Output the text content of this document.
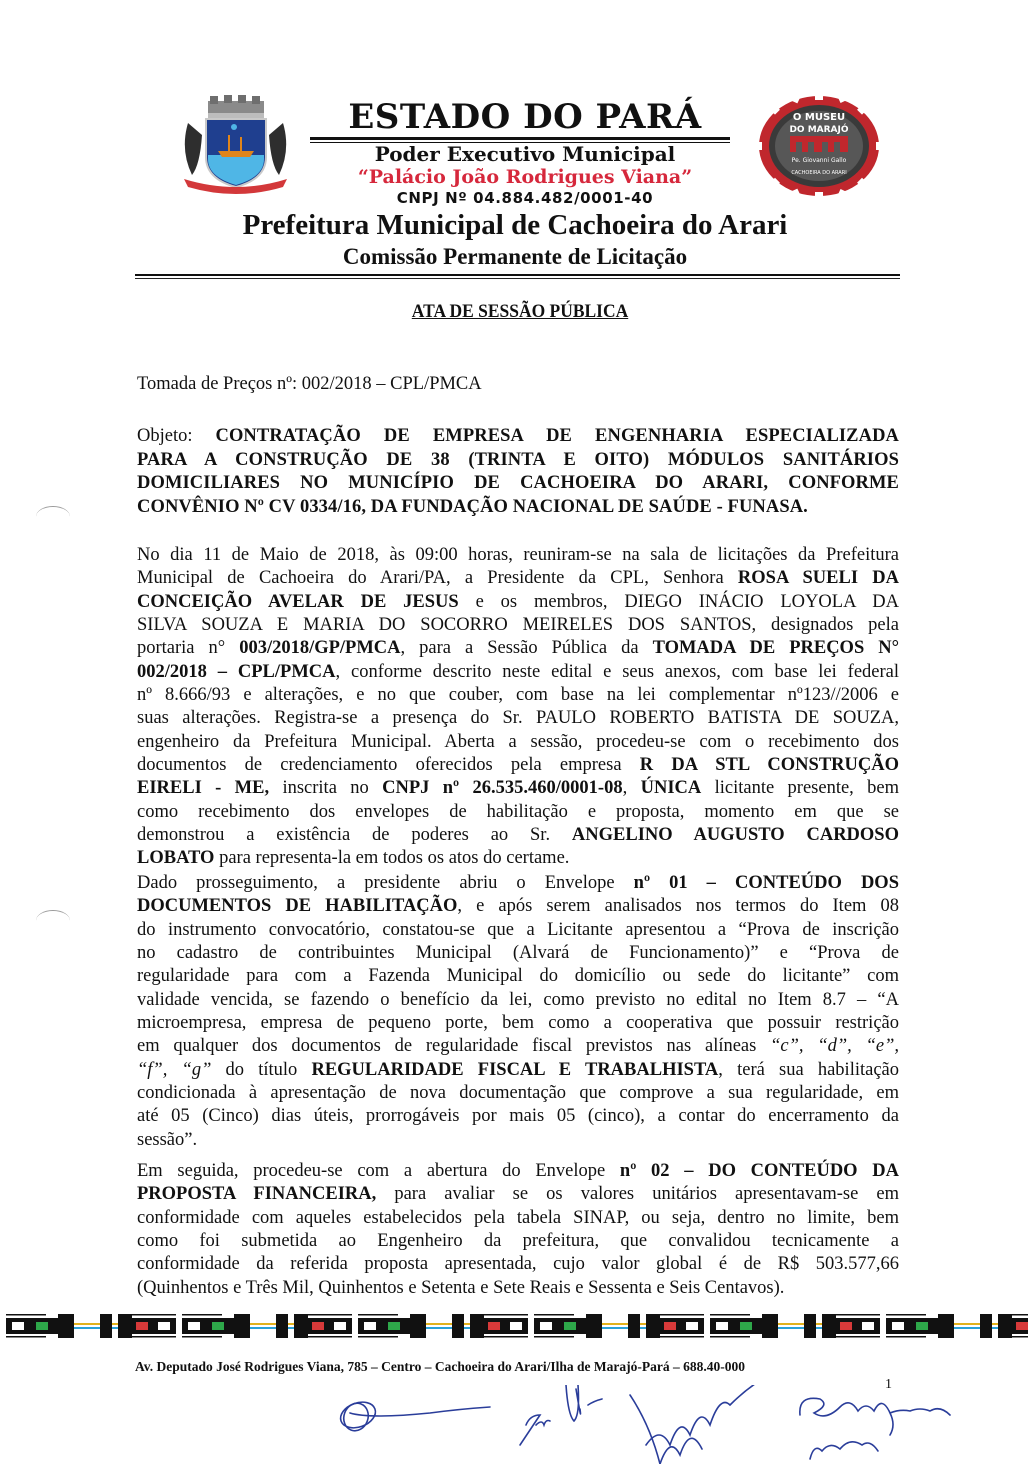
ESTADO DO PARÁ
Poder Executivo Municipal
“Palácio João Rodrigues Viana”
CNPJ Nº 04.884.482/0001-40
O MUSEU
DO MARAJÓ
Pe. Giovanni Gallo
CACHOEIRA DO ARARI
Prefeitura Municipal de Cachoeira do Arari
Comissão Permanente de Licitação
ATA DE SESSÃO PÚBLICA
Tomada de Preços nº: 002/2018 – CPL/PMCA
Objeto: CONTRATAÇÃO DE EMPRESA DE ENGENHARIA ESPECIALIZADA
PARA A CONSTRUÇÃO DE 38 (TRINTA E OITO) MÓDULOS SANITÁRIOS
DOMICILIARES NO MUNICÍPIO DE CACHOEIRA DO ARARI, CONFORME
CONVÊNIO Nº CV 0334/16, DA FUNDAÇÃO NACIONAL DE SAÚDE - FUNASA.
No dia 11 de Maio de 2018, às 09:00 horas, reuniram-se na sala de licitações da Prefeitura
Municipal de Cachoeira do Arari/PA, a Presidente da CPL, Senhora ROSA SUELI DA
CONCEIÇÃO AVELAR DE JESUS e os membros, DIEGO INÁCIO LOYOLA DA
SILVA SOUZA E MARIA DO SOCORRO MEIRELES DOS SANTOS, designados pela
portaria n° 003/2018/GP/PMCA, para a Sessão Pública da TOMADA DE PREÇOS N°
002/2018 – CPL/PMCA, conforme descrito neste edital e seus anexos, com base lei federal
nº 8.666/93 e alterações, e no que couber, com base na lei complementar nº123//2006 e
suas alterações. Registra-se a presença do Sr. PAULO ROBERTO BATISTA DE SOUZA,
engenheiro da Prefeitura Municipal. Aberta a sessão, procedeu-se com o recebimento dos
documentos de credenciamento oferecidos pela empresa R DA STL CONSTRUÇÃO
EIRELI - ME, inscrita no CNPJ nº 26.535.460/0001-08, ÚNICA licitante presente, bem
como recebimento dos envelopes de habilitação e proposta, momento em que se
demonstrou a existência de poderes ao Sr. ANGELINO AUGUSTO CARDOSO
LOBATO para representa-la em todos os atos do certame.
Dado prosseguimento, a presidente abriu o Envelope nº 01 – CONTEÚDO DOS
DOCUMENTOS DE HABILITAÇÃO, e após serem analisados nos termos do Item 08
do instrumento convocatório, constatou-se que a Licitante apresentou a “Prova de inscrição
no cadastro de contribuintes Municipal (Alvará de Funcionamento)” e “Prova de
regularidade para com a Fazenda Municipal do domicílio ou sede do licitante” com
validade vencida, se fazendo o benefício da lei, como previsto no edital no Item 8.7 – “A
microempresa, empresa de pequeno porte, bem como a cooperativa que possuir restrição
em qualquer dos documentos de regularidade fiscal previstos nas alíneas “c”, “d”, “e”,
“f”, “g” do título REGULARIDADE FISCAL E TRABALHISTA, terá sua habilitação
condicionada à apresentação de nova documentação que comprove a sua regularidade, em
até 05 (Cinco) dias úteis, prorrogáveis por mais 05 (cinco), a contar do encerramento da
sessão”.
Em seguida, procedeu-se com a abertura do Envelope nº 02 – DO CONTEÚDO DA
PROPOSTA FINANCEIRA, para avaliar se os valores unitários apresentavam-se em
conformidade com aqueles estabelecidos pela tabela SINAP, ou seja, dentro no limite, bem
como foi submetida ao Engenheiro da prefeitura, que convalidou tecnicamente a
conformidade da referida proposta apresentada, cujo valor global é de R$ 503.577,66
(Quinhentos e Três Mil, Quinhentos e Setenta e Sete Reais e Sessenta e Seis Centavos).
Av. Deputado José Rodrigues Viana, 785 – Centro – Cachoeira do Arari/Ilha de Marajó-Pará – 688.40-000
1
